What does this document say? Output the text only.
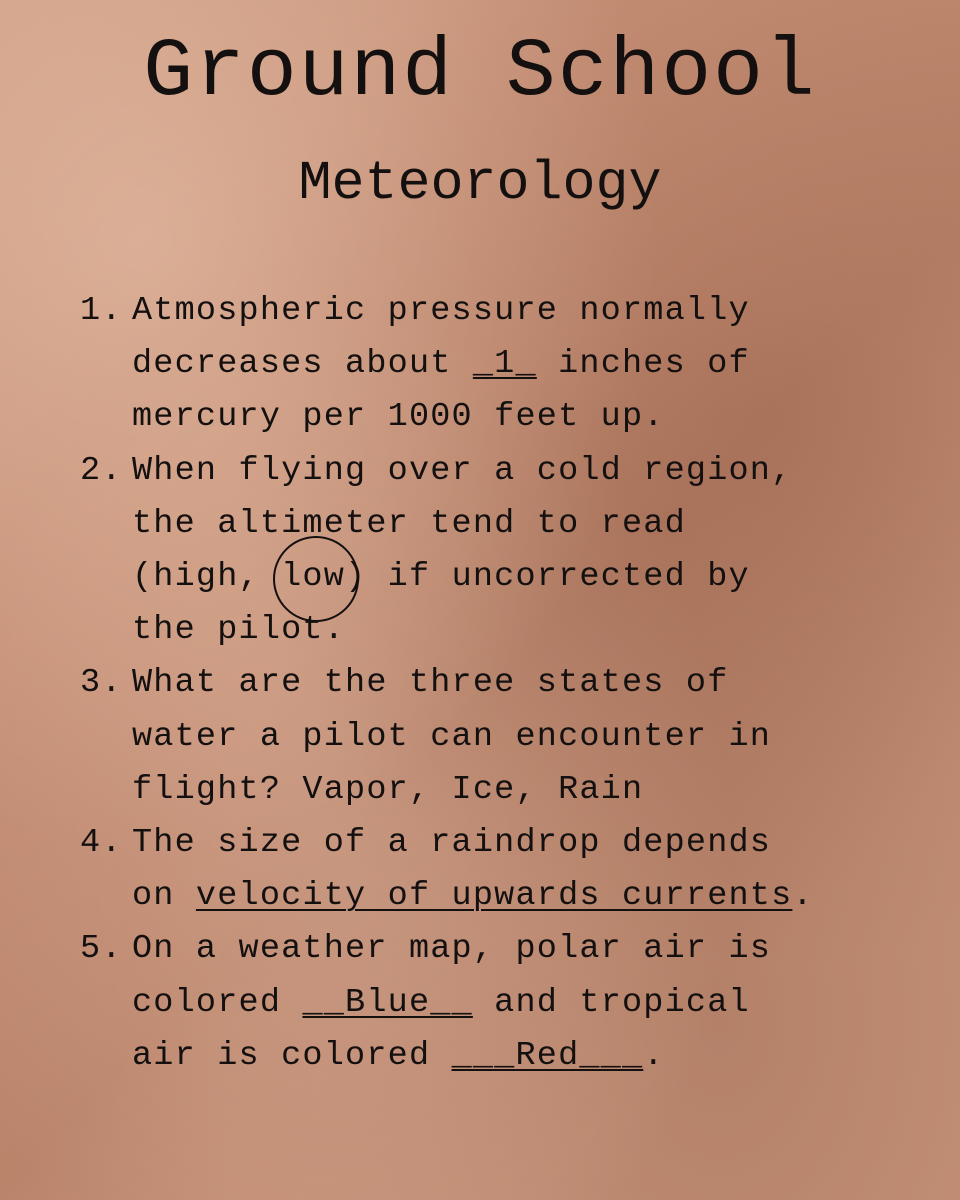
Ground School
Meteorology
1. Atmospheric pressure normally
decreases about _1_ inches of
mercury per 1000 feet up.
2. When flying over a cold region,
the altimeter tend to read
(high, low) if uncorrected by
the pilot.
3. What are the three states of
water a pilot can encounter in
flight? Vapor, Ice, Rain
4. The size of a raindrop depends
on velocity of upwards currents.
5. On a weather map, polar air is
colored __Blue__ and tropical
air is colored ___Red___.
